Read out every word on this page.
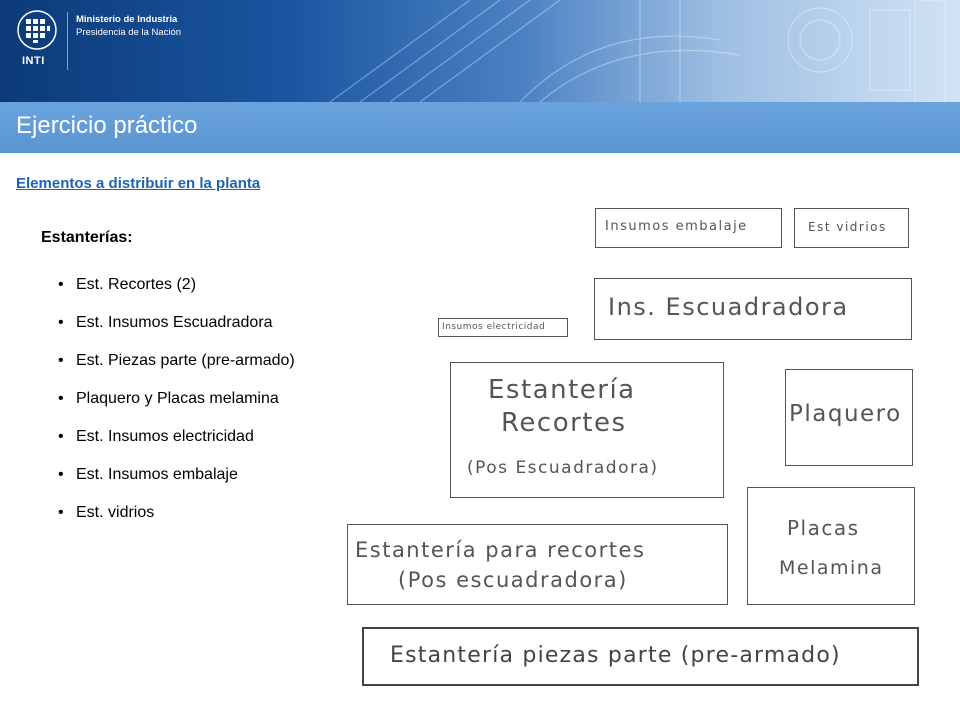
INTI
Ministerio de Industria
Presidencia de la Nación
Ejercicio práctico
Elementos a distribuir en la planta
Estanterías:
• Est. Recortes (2)
• Est. Insumos Escuadradora
• Est. Piezas parte (pre-armado)
• Plaquero y Placas melamina
• Est. Insumos electricidad
• Est. Insumos embalaje
• Est. vidrios
Insumos embalaje	Est vidrios
Ins. Escuadradora
Insumos electricidad
Estantería
Recortes
(Pos Escuadradora)
Plaquero
Placas
Melamina
Estantería para recortes
(Pos escuadradora)
Estantería piezas parte (pre-armado)
